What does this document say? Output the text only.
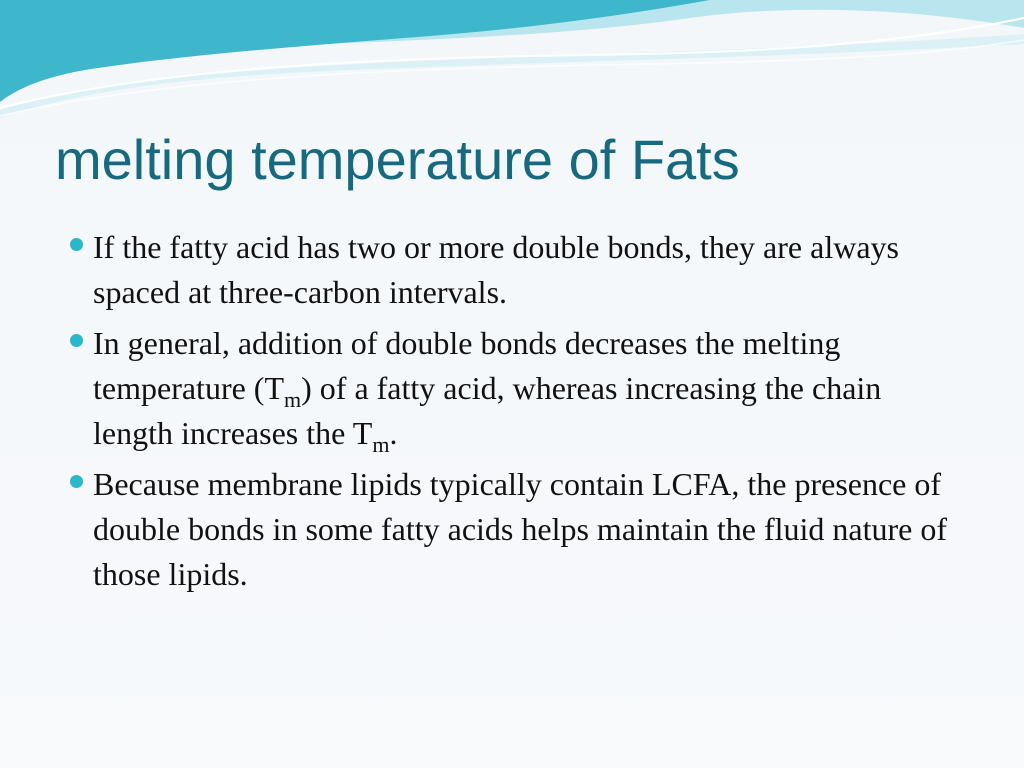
melting temperature of Fats
If the fatty acid has two or more double bonds, they are always spaced at three-carbon intervals.
In general, addition of double bonds decreases the melting temperature $(T_m)$ of a fatty acid, whereas increasing the chain length increases the $T_m$.
Because membrane lipids typically contain LCFA, the presence of double bonds in some fatty acids helps maintain the fluid nature of those lipids.
